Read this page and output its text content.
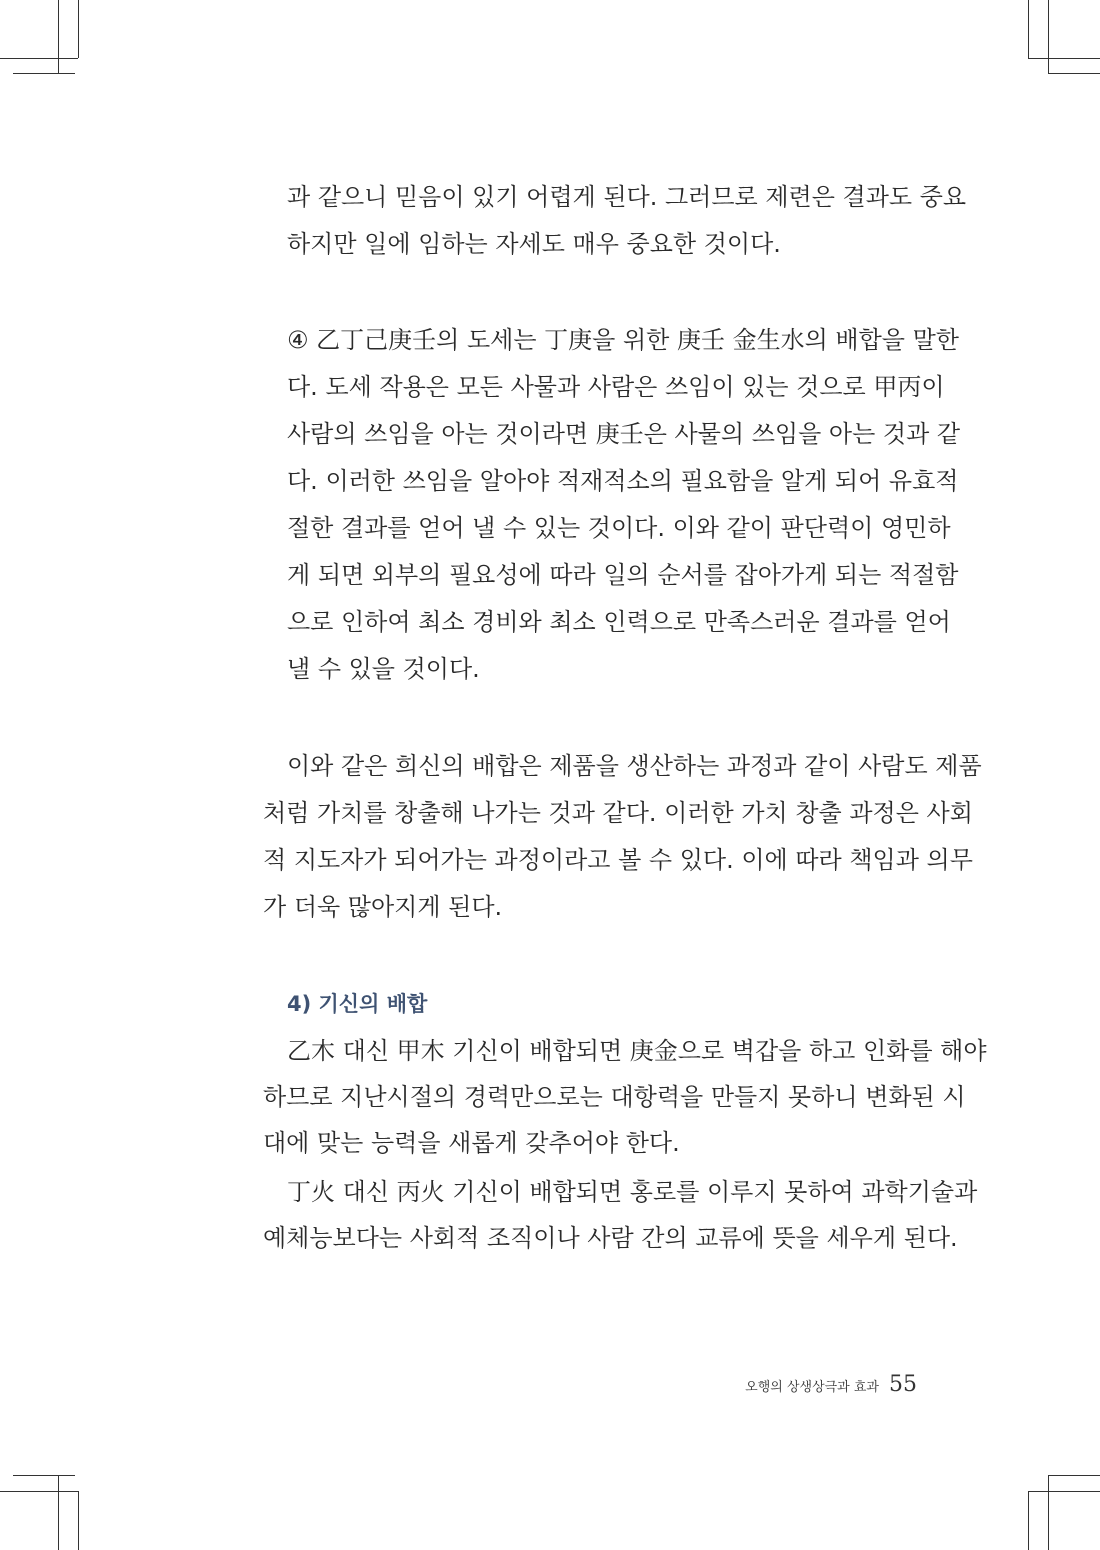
과 같으니 믿음이 있기 어렵게 된다. 그러므로 제련은 결과도 중요
하지만 일에 임하는 자세도 매우 중요한 것이다.
④ 乙丁己庚壬의 도세는 丁庚을 위한 庚壬 金生水의 배합을 말한
다. 도세 작용은 모든 사물과 사람은 쓰임이 있는 것으로 甲丙이
사람의 쓰임을 아는 것이라면 庚壬은 사물의 쓰임을 아는 것과 같
다. 이러한 쓰임을 알아야 적재적소의 필요함을 알게 되어 유효적
절한 결과를 얻어 낼 수 있는 것이다. 이와 같이 판단력이 영민하
게 되면 외부의 필요성에 따라 일의 순서를 잡아가게 되는 적절함
으로 인하여 최소 경비와 최소 인력으로 만족스러운 결과를 얻어
낼 수 있을 것이다.
이와 같은 희신의 배합은 제품을 생산하는 과정과 같이 사람도 제품
처럼 가치를 창출해 나가는 것과 같다. 이러한 가치 창출 과정은 사회
적 지도자가 되어가는 과정이라고 볼 수 있다. 이에 따라 책임과 의무
가 더욱 많아지게 된다.
4) 기신의 배합
乙木 대신 甲木 기신이 배합되면 庚金으로 벽갑을 하고 인화를 해야
하므로 지난시절의 경력만으로는 대항력을 만들지 못하니 변화된 시
대에 맞는 능력을 새롭게 갖추어야 한다.
丁火 대신 丙火 기신이 배합되면 홍로를 이루지 못하여 과학기술과
예체능보다는 사회적 조직이나 사람 간의 교류에 뜻을 세우게 된다.
오행의 상생상극과 효과 55
